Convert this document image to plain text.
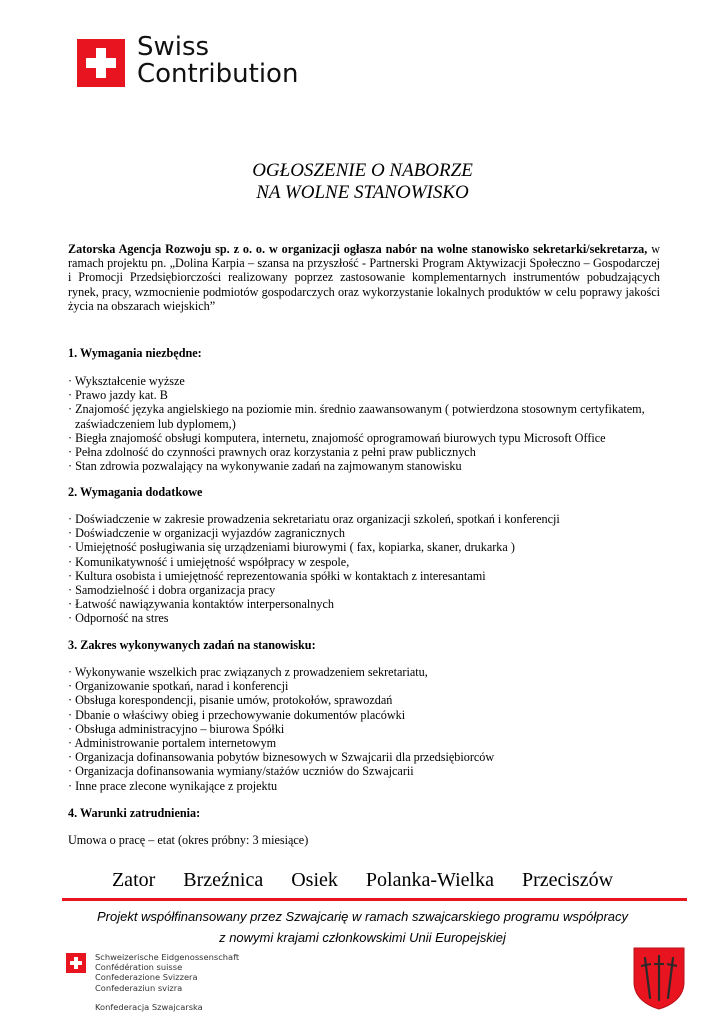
Swiss
Contribution
OGŁOSZENIE O NABORZE
NA WOLNE STANOWISKO
Zatorska Agencja Rozwoju sp. z o. o. w organizacji ogłasza nabór na wolne stanowisko sekretarki/sekretarza, w ramach projektu pn. „Dolina Karpia – szansa na przyszłość - Partnerski Program Aktywizacji Społeczno – Gospodarczej i Promocji Przedsiębiorczości realizowany poprzez zastosowanie komplementarnych instrumentów pobudzających rynek, pracy, wzmocnienie podmiotów gospodarczych oraz wykorzystanie lokalnych produktów w celu poprawy jakości życia na obszarach wiejskich”
1. Wymagania niezbędne:
· Wykształcenie wyższe
· Prawo jazdy kat. B
· Znajomość języka angielskiego na poziomie min. średnio zaawansowanym ( potwierdzona stosownym certyfikatem, zaświadczeniem lub dyplomem,)
· Biegła znajomość obsługi komputera, internetu, znajomość oprogramowań biurowych typu Microsoft Office
· Pełna zdolność do czynności prawnych oraz korzystania z pełni praw publicznych
· Stan zdrowia pozwalający na wykonywanie zadań na zajmowanym stanowisku
2. Wymagania dodatkowe
· Doświadczenie w zakresie prowadzenia sekretariatu oraz organizacji szkoleń, spotkań i konferencji
· Doświadczenie w organizacji wyjazdów zagranicznych
· Umiejętność posługiwania się urządzeniami biurowymi ( fax, kopiarka, skaner, drukarka )
· Komunikatywność i umiejętność współpracy w zespole,
· Kultura osobista i umiejętność reprezentowania spółki w kontaktach z interesantami
· Samodzielność i dobra organizacja pracy
· Łatwość nawiązywania kontaktów interpersonalnych
· Odporność na stres
3. Zakres wykonywanych zadań na stanowisku:
· Wykonywanie wszelkich prac związanych z prowadzeniem sekretariatu,
· Organizowanie spotkań, narad i konferencji
· Obsługa korespondencji, pisanie umów, protokołów, sprawozdań
· Dbanie o właściwy obieg i przechowywanie dokumentów placówki
· Obsługa administracyjno – biurowa Spółki
· Administrowanie portalem internetowym
· Organizacja dofinansowania pobytów biznesowych w Szwajcarii dla przedsiębiorców
· Organizacja dofinansowania wymiany/stażów uczniów do Szwajcarii
· Inne prace zlecone wynikające z projektu
4. Warunki zatrudnienia:
Umowa o pracę – etat (okres próbny: 3 miesiące)
Zator Brzeźnica Osiek Polanka-Wielka Przeciszów
Projekt współfinansowany przez Szwajcarię w ramach szwajcarskiego programu współpracy
z nowymi krajami członkowskimi Unii Europejskiej
Schweizerische Eidgenossenschaft
Confédération suisse
Confederazione Svizzera
Confederaziun svizra
Konfederacja Szwajcarska
